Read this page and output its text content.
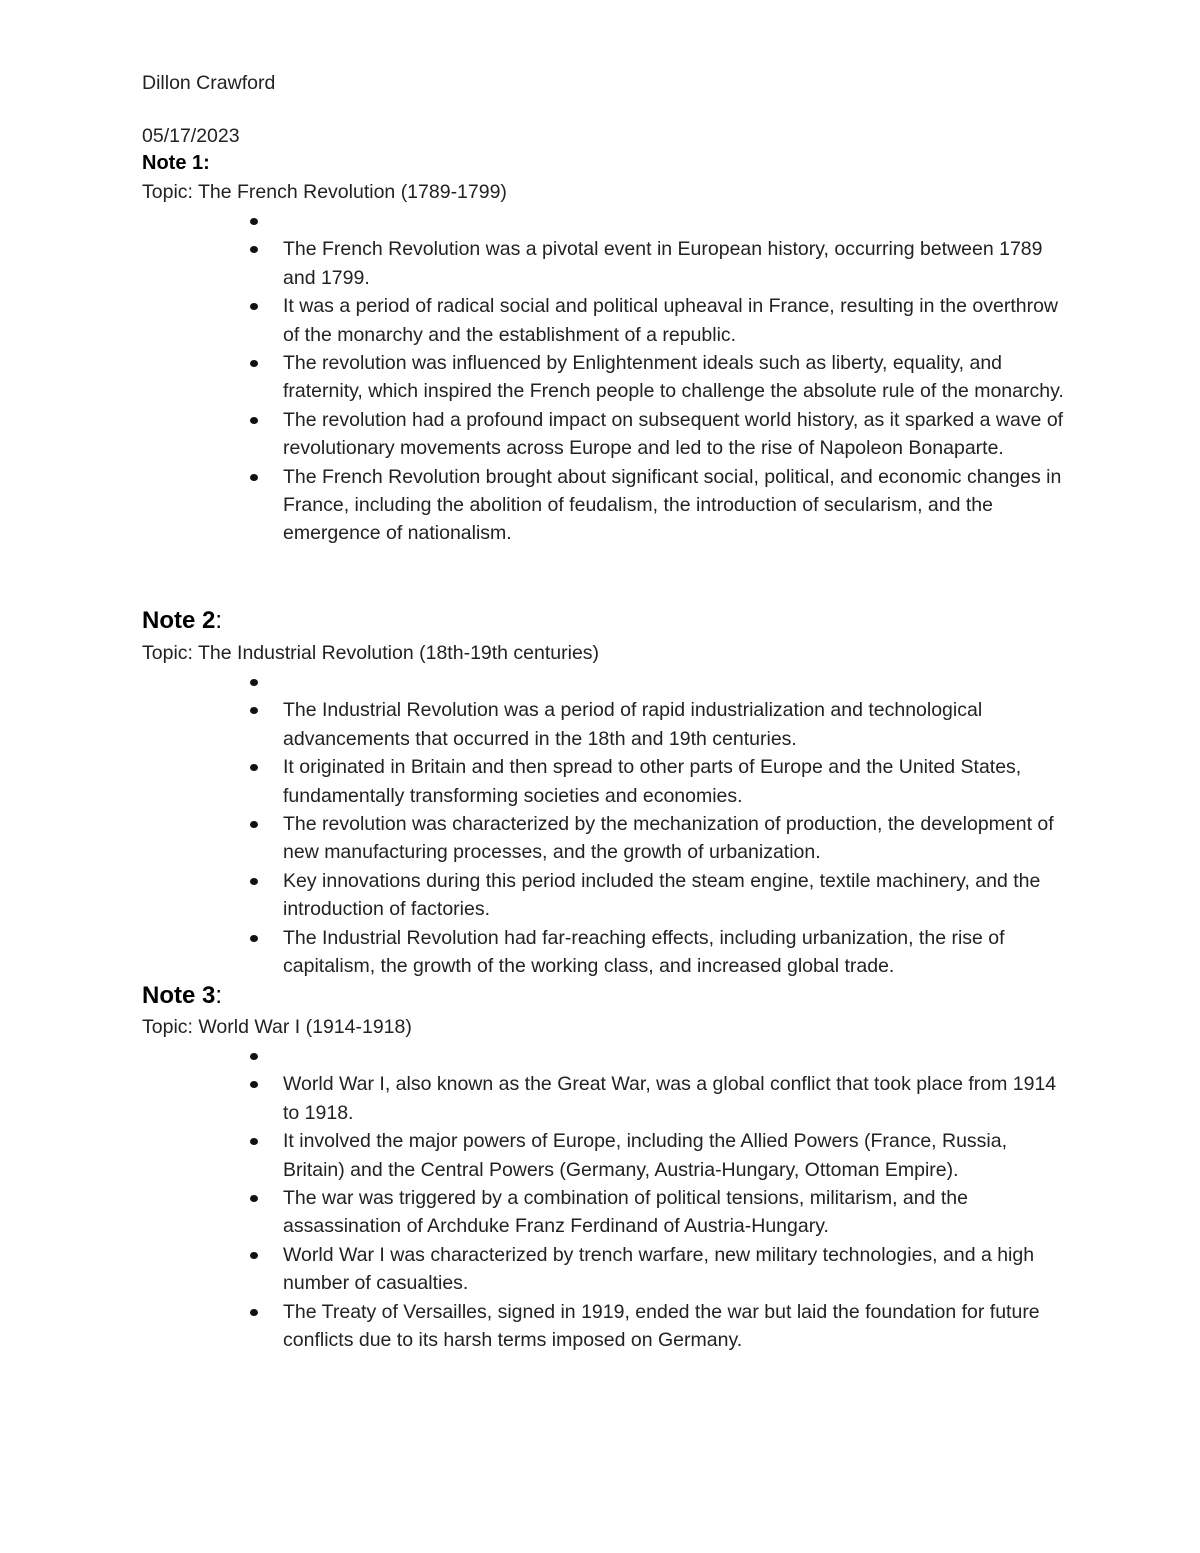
Dillon Crawford
05/17/2023
Note 1:
Topic: The French Revolution (1789-1799)
The French Revolution was a pivotal event in European history, occurring between 1789 and 1799.
It was a period of radical social and political upheaval in France, resulting in the overthrow of the monarchy and the establishment of a republic.
The revolution was influenced by Enlightenment ideals such as liberty, equality, and fraternity, which inspired the French people to challenge the absolute rule of the monarchy.
The revolution had a profound impact on subsequent world history, as it sparked a wave of revolutionary movements across Europe and led to the rise of Napoleon Bonaparte.
The French Revolution brought about significant social, political, and economic changes in France, including the abolition of feudalism, the introduction of secularism, and the emergence of nationalism.
Note 2:
Topic: The Industrial Revolution (18th-19th centuries)
The Industrial Revolution was a period of rapid industrialization and technological advancements that occurred in the 18th and 19th centuries.
It originated in Britain and then spread to other parts of Europe and the United States, fundamentally transforming societies and economies.
The revolution was characterized by the mechanization of production, the development of new manufacturing processes, and the growth of urbanization.
Key innovations during this period included the steam engine, textile machinery, and the introduction of factories.
The Industrial Revolution had far-reaching effects, including urbanization, the rise of capitalism, the growth of the working class, and increased global trade.
Note 3:
Topic: World War I (1914-1918)
World War I, also known as the Great War, was a global conflict that took place from 1914 to 1918.
It involved the major powers of Europe, including the Allied Powers (France, Russia, Britain) and the Central Powers (Germany, Austria-Hungary, Ottoman Empire).
The war was triggered by a combination of political tensions, militarism, and the assassination of Archduke Franz Ferdinand of Austria-Hungary.
World War I was characterized by trench warfare, new military technologies, and a high number of casualties.
The Treaty of Versailles, signed in 1919, ended the war but laid the foundation for future conflicts due to its harsh terms imposed on Germany.
